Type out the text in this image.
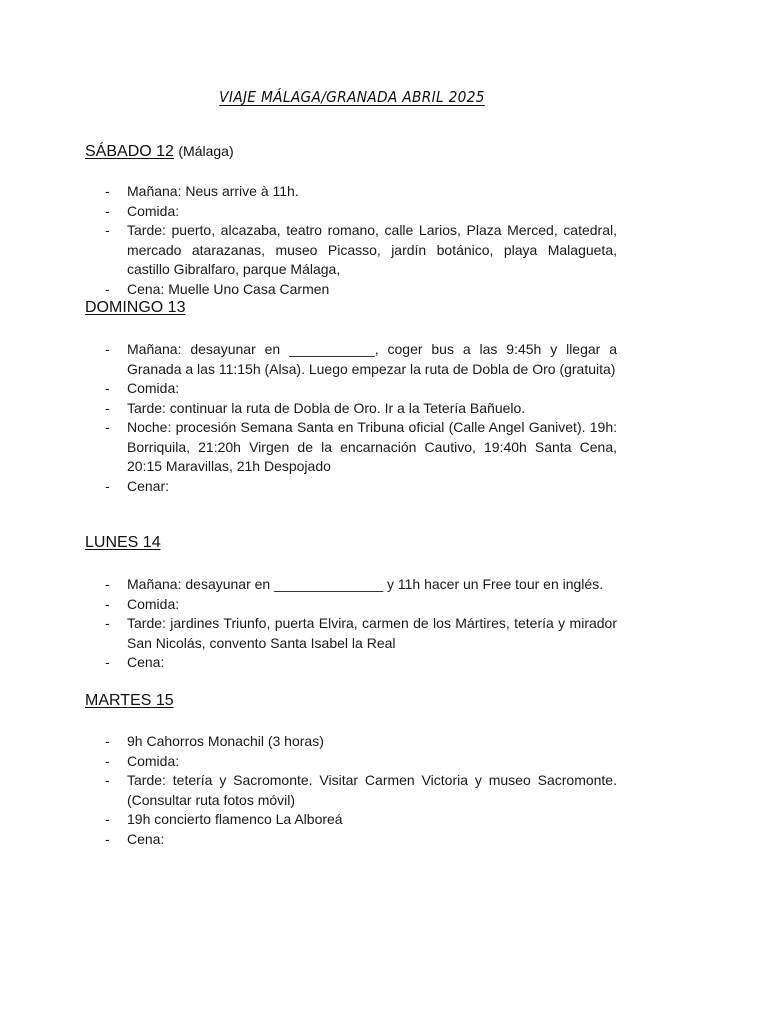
VIAJE MÁLAGA/GRANADA ABRIL 2025
SÁBADO 12 (Málaga)
- Mañana: Neus arrive à 11h.
- Comida:
- Tarde: puerto, alcazaba, teatro romano, calle Larios, Plaza Merced, catedral, mercado atarazanas, museo Picasso, jardín botánico, playa Malagueta, castillo Gibralfaro, parque Málaga,
- Cena: Muelle Uno Casa Carmen
DOMINGO 13
- Mañana: desayunar en ___________, coger bus a las 9:45h y llegar a Granada a las 11:15h (Alsa). Luego empezar la ruta de Dobla de Oro (gratuita)
- Comida:
- Tarde: continuar la ruta de Dobla de Oro. Ir a la Tetería Bañuelo.
- Noche: procesión Semana Santa en Tribuna oficial (Calle Angel Ganivet). 19h: Borriquila, 21:20h Virgen de la encarnación Cautivo, 19:40h Santa Cena, 20:15 Maravillas, 21h Despojado
- Cenar:
LUNES 14
- Mañana: desayunar en ______________ y 11h hacer un Free tour en inglés.
- Comida:
- Tarde: jardines Triunfo, puerta Elvira, carmen de los Mártires, tetería y mirador San Nicolás, convento Santa Isabel la Real
- Cena:
MARTES 15
- 9h Cahorros Monachil (3 horas)
- Comida:
- Tarde: tetería y Sacromonte. Visitar Carmen Victoria y museo Sacromonte. (Consultar ruta fotos móvil)
- 19h concierto flamenco La Alboreá
- Cena:
